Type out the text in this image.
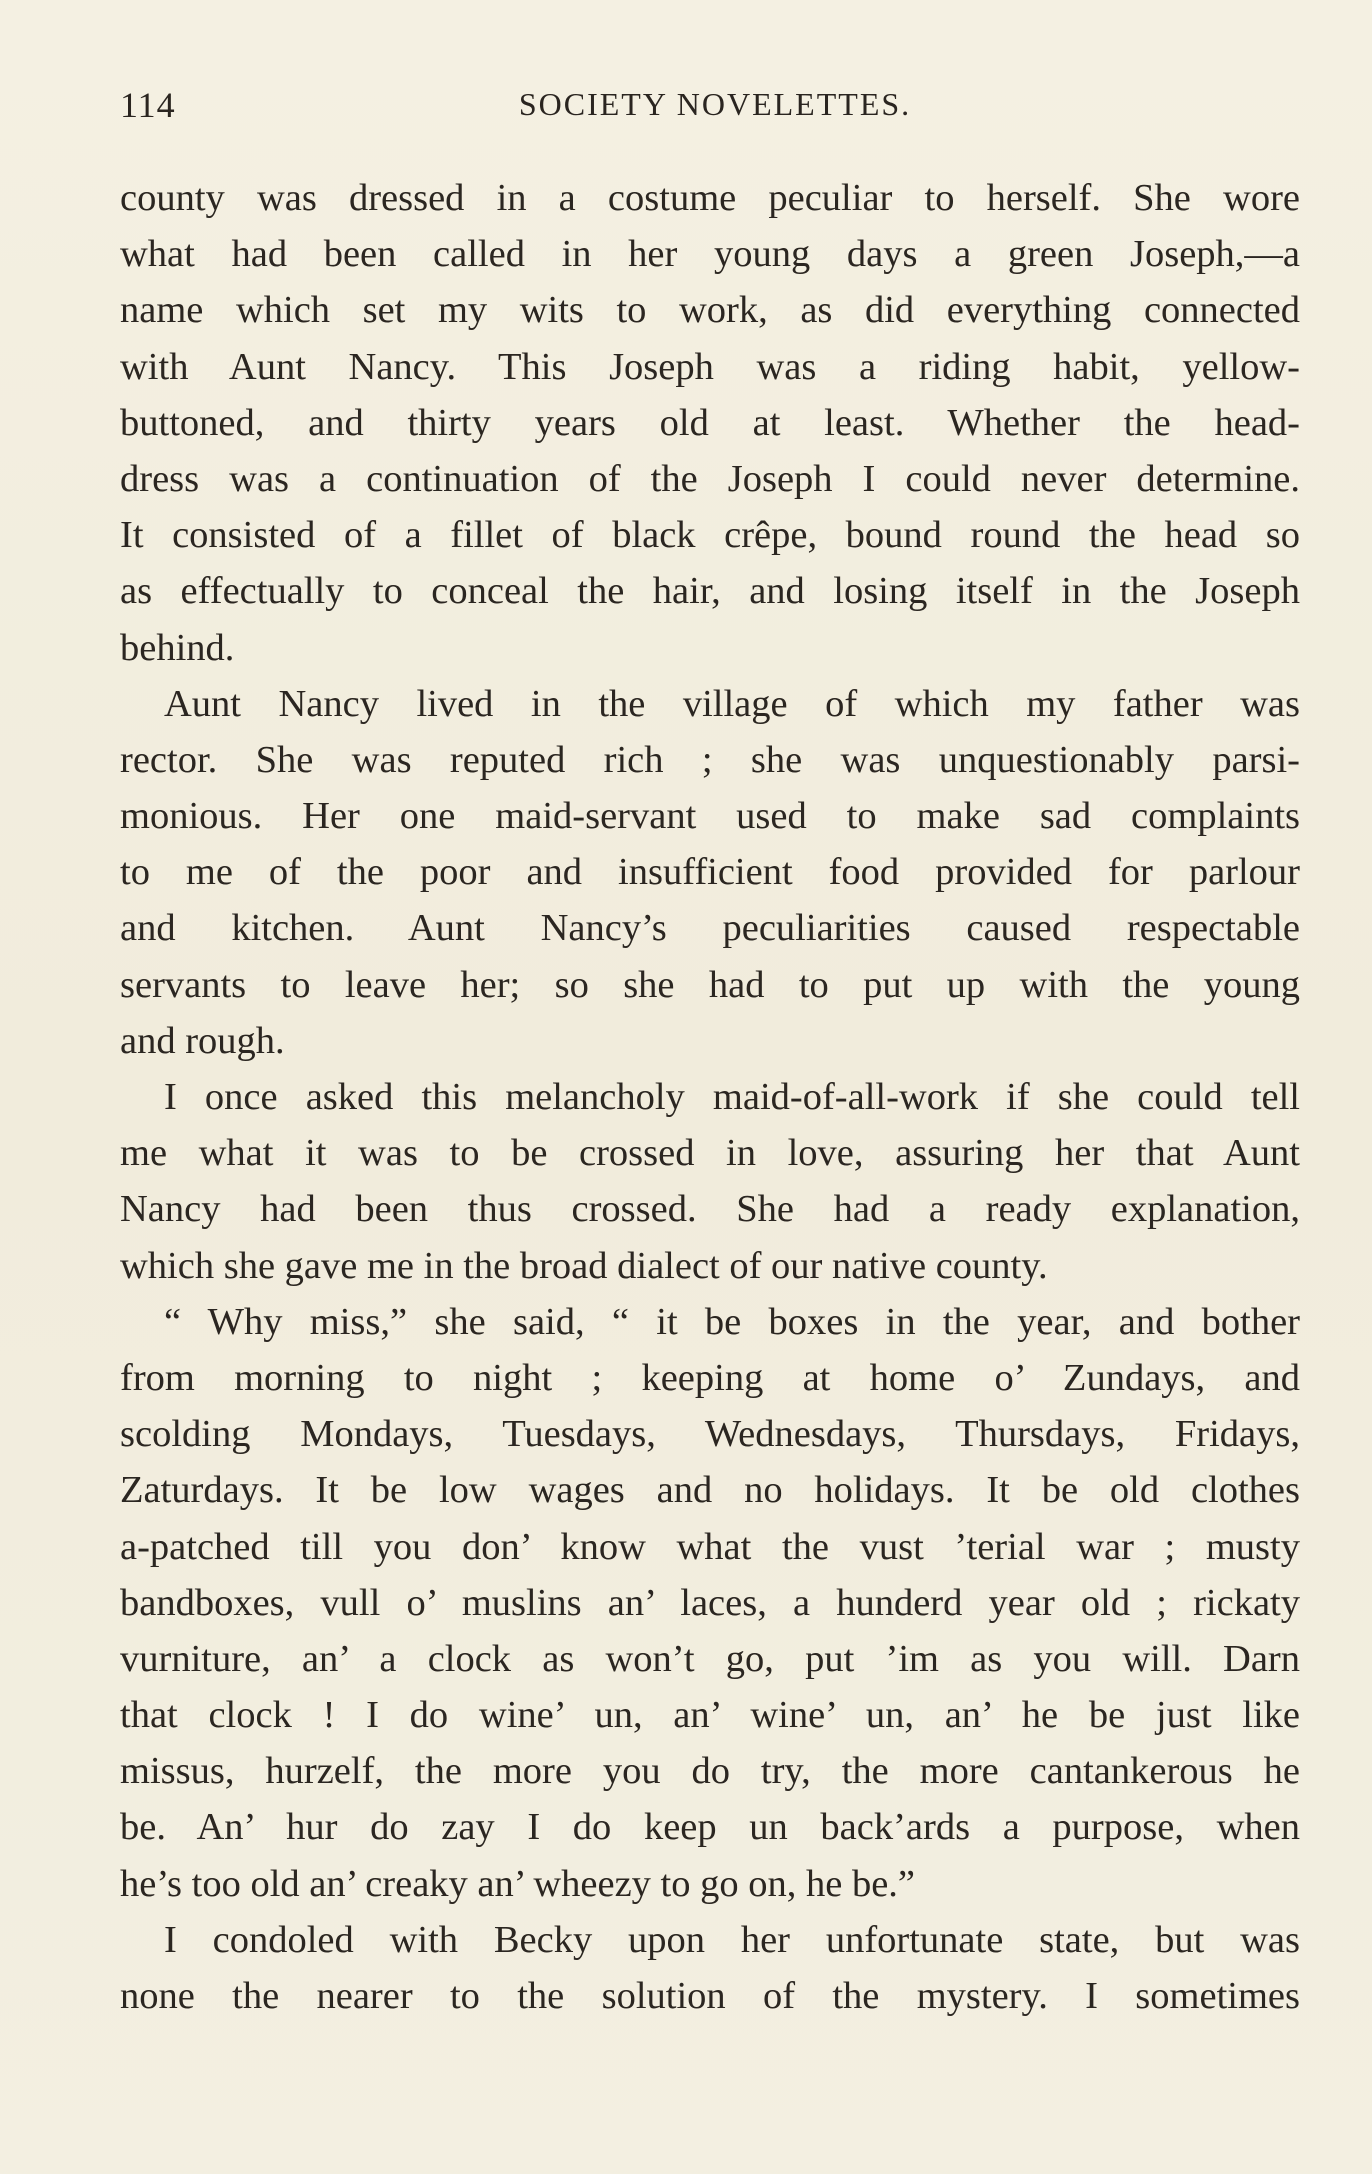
114	SOCIETY NOVELETTES.
county was dressed in a costume peculiar to herself. She wore
what had been called in her young days a green Joseph,—a
name which set my wits to work, as did everything connected
with Aunt Nancy. This Joseph was a riding habit, yellow-
buttoned, and thirty years old at least. Whether the head-
dress was a continuation of the Joseph I could never determine.
It consisted of a fillet of black crêpe, bound round the head so
as effectually to conceal the hair, and losing itself in the Joseph
behind.
Aunt Nancy lived in the village of which my father was
rector. She was reputed rich ; she was unquestionably parsi-
monious. Her one maid-servant used to make sad complaints
to me of the poor and insufficient food provided for parlour
and kitchen. Aunt Nancy’s peculiarities caused respectable
servants to leave her; so she had to put up with the young
and rough.
I once asked this melancholy maid-of-all-work if she could tell
me what it was to be crossed in love, assuring her that Aunt
Nancy had been thus crossed. She had a ready explanation,
which she gave me in the broad dialect of our native county.
“ Why miss,” she said, “ it be boxes in the year, and bother
from morning to night ; keeping at home o’ Zundays, and
scolding Mondays, Tuesdays, Wednesdays, Thursdays, Fridays,
Zaturdays. It be low wages and no holidays. It be old clothes
a-patched till you don’ know what the vust ’terial war ; musty
bandboxes, vull o’ muslins an’ laces, a hunderd year old ; rickaty
vurniture, an’ a clock as won’t go, put ’im as you will. Darn
that clock ! I do wine’ un, an’ wine’ un, an’ he be just like
missus, hurzelf, the more you do try, the more cantankerous he
be. An’ hur do zay I do keep un back’ards a purpose, when
he’s too old an’ creaky an’ wheezy to go on, he be.”
I condoled with Becky upon her unfortunate state, but was
none the nearer to the solution of the mystery. I sometimes
